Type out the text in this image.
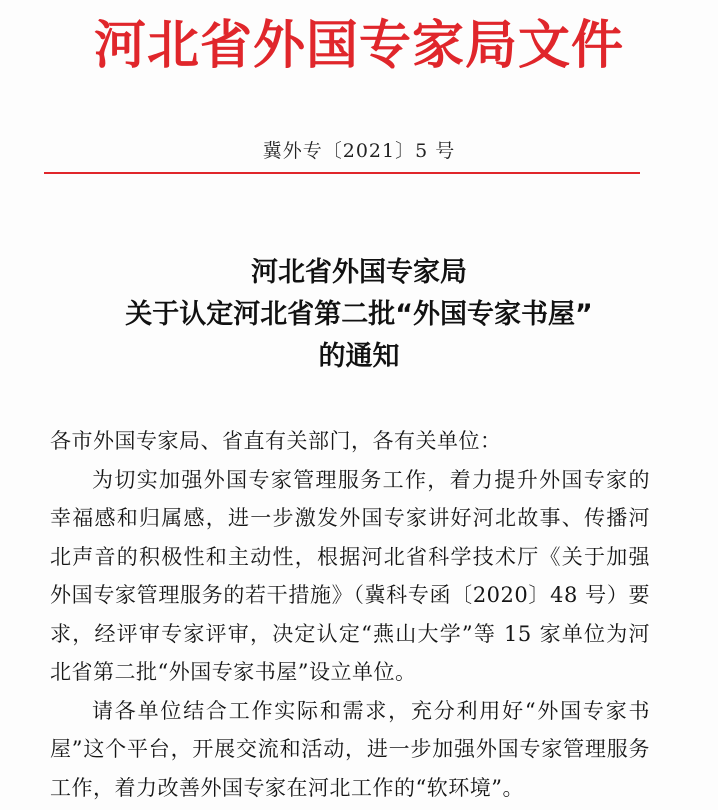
河北省外国专家局文件
冀外专〔2021〕5 号
河北省外国专家局
关于认定河北省第二批“外国专家书屋”
的通知

各市外国专家局、省直有关部门，各有关单位：

为切实加强外国专家管理服务工作，着力提升外国专家的幸福感和归属感，进一步激发外国专家讲好河北故事、传播河北声音的积极性和主动性，根据河北省科学技术厅《关于加强外国专家管理服务的若干措施》（冀科专函〔2020〕48 号）要求，经评审专家评审，决定认定“燕山大学”等 15 家单位为河北省第二批“外国专家书屋”设立单位。

请各单位结合工作实际和需求，充分利用好“外国专家书屋”这个平台，开展交流和活动，进一步加强外国专家管理服务工作，着力改善外国专家在河北工作的“软环境”。
